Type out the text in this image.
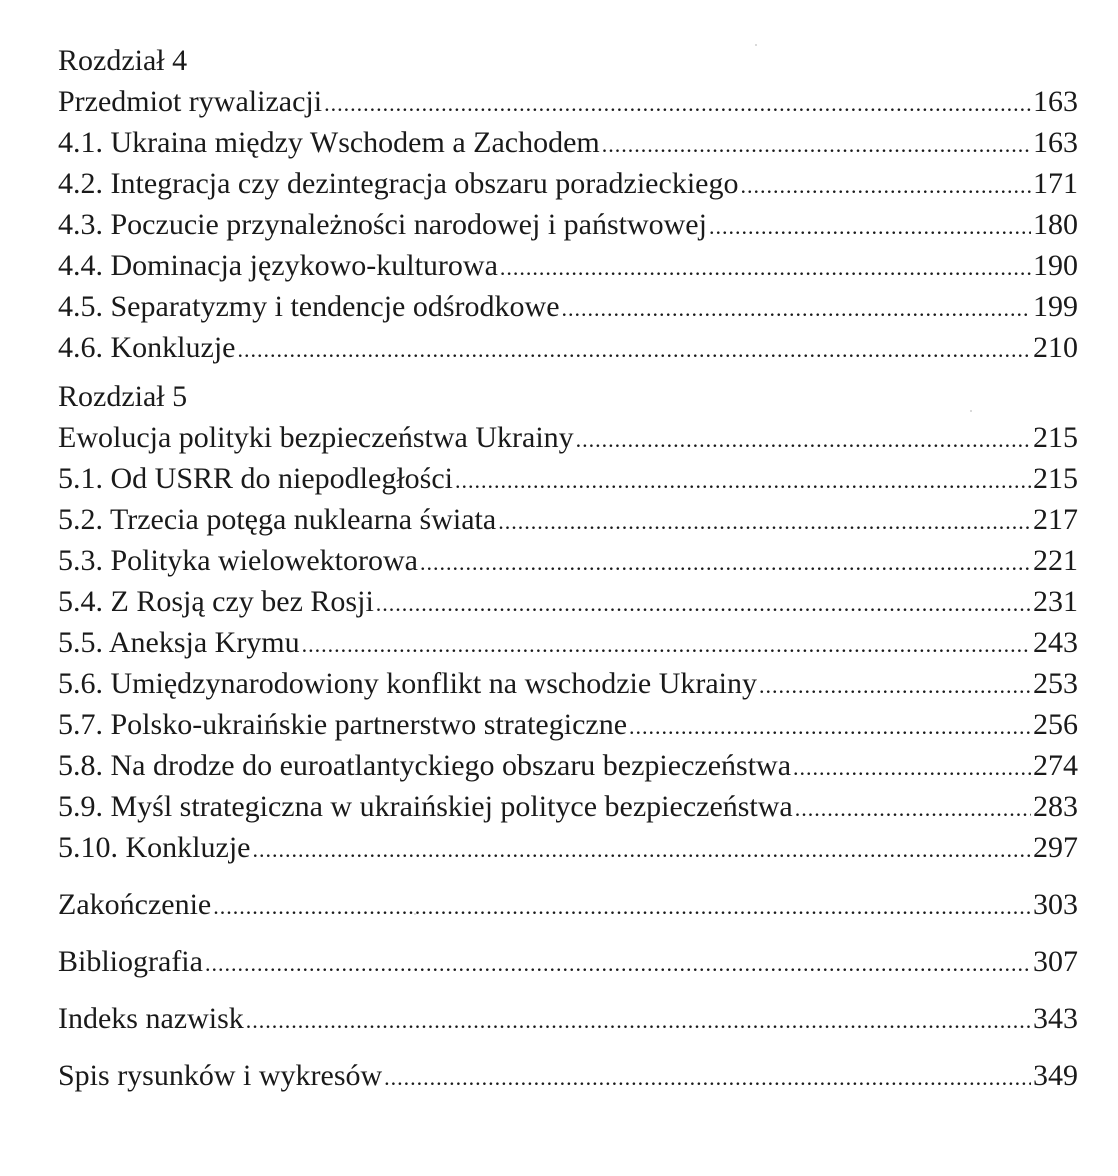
Rozdział 4
Przedmiot rywalizacji .....	163
4.1. Ukraina między Wschodem a Zachodem .....	163
4.2. Integracja czy dezintegracja obszaru poradzieckiego .....	171
4.3. Poczucie przynależności narodowej i państwowej .....	180
4.4. Dominacja językowo-kulturowa .....	190
4.5. Separatyzmy i tendencje odśrodkowe .....	199
4.6. Konkluzje .....	210
Rozdział 5
Ewolucja polityki bezpieczeństwa Ukrainy .....	215
5.1. Od USRR do niepodległości .....	215
5.2. Trzecia potęga nuklearna świata .....	217
5.3. Polityka wielowektorowa .....	221
5.4. Z Rosją czy bez Rosji .....	231
5.5. Aneksja Krymu .....	243
5.6. Umiędzynarodowiony konflikt na wschodzie Ukrainy .....	253
5.7. Polsko-ukraińskie partnerstwo strategiczne .....	256
5.8. Na drodze do euroatlantyckiego obszaru bezpieczeństwa .....	274
5.9. Myśl strategiczna w ukraińskiej polityce bezpieczeństwa .....	283
5.10. Konkluzje .....	297
Zakończenie .....	303
Bibliografia .....	307
Indeks nazwisk .....	343
Spis rysunków i wykresów .....	349
